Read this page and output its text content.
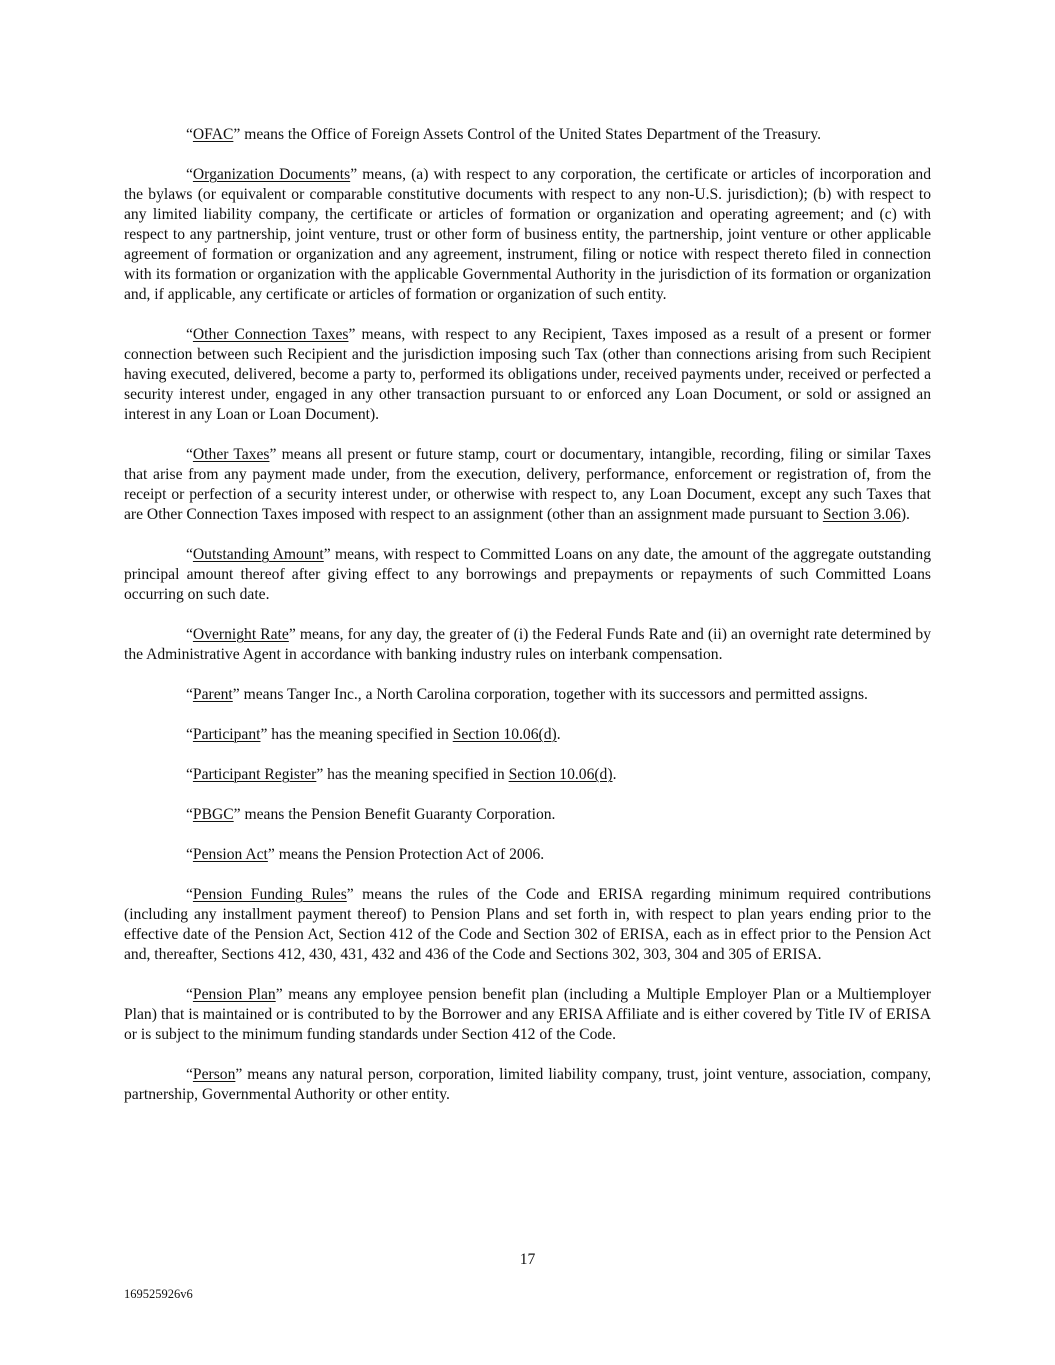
“OFAC” means the Office of Foreign Assets Control of the United States Department of the Treasury.

“Organization Documents” means, (a) with respect to any corporation, the certificate or articles of incorporation and the bylaws (or equivalent or comparable constitutive documents with respect to any non-U.S. jurisdiction); (b) with respect to any limited liability company, the certificate or articles of formation or organization and operating agreement; and (c) with respect to any partnership, joint venture, trust or other form of business entity, the partnership, joint venture or other applicable agreement of formation or organization and any agreement, instrument, filing or notice with respect thereto filed in connection with its formation or organization with the applicable Governmental Authority in the jurisdiction of its formation or organization and, if applicable, any certificate or articles of formation or organization of such entity.

“Other Connection Taxes” means, with respect to any Recipient, Taxes imposed as a result of a present or former connection between such Recipient and the jurisdiction imposing such Tax (other than connections arising from such Recipient having executed, delivered, become a party to, performed its obligations under, received payments under, received or perfected a security interest under, engaged in any other transaction pursuant to or enforced any Loan Document, or sold or assigned an interest in any Loan or Loan Document).

“Other Taxes” means all present or future stamp, court or documentary, intangible, recording, filing or similar Taxes that arise from any payment made under, from the execution, delivery, performance, enforcement or registration of, from the receipt or perfection of a security interest under, or otherwise with respect to, any Loan Document, except any such Taxes that are Other Connection Taxes imposed with respect to an assignment (other than an assignment made pursuant to Section 3.06).

“Outstanding Amount” means, with respect to Committed Loans on any date, the amount of the aggregate outstanding principal amount thereof after giving effect to any borrowings and prepayments or repayments of such Committed Loans occurring on such date.

“Overnight Rate” means, for any day, the greater of (i) the Federal Funds Rate and (ii) an overnight rate determined by the Administrative Agent in accordance with banking industry rules on interbank compensation.

“Parent” means Tanger Inc., a North Carolina corporation, together with its successors and permitted assigns.

“Participant” has the meaning specified in Section 10.06(d).

“Participant Register” has the meaning specified in Section 10.06(d).

“PBGC” means the Pension Benefit Guaranty Corporation.

“Pension Act” means the Pension Protection Act of 2006.

“Pension Funding Rules” means the rules of the Code and ERISA regarding minimum required contributions (including any installment payment thereof) to Pension Plans and set forth in, with respect to plan years ending prior to the effective date of the Pension Act, Section 412 of the Code and Section 302 of ERISA, each as in effect prior to the Pension Act and, thereafter, Sections 412, 430, 431, 432 and 436 of the Code and Sections 302, 303, 304 and 305 of ERISA.

“Pension Plan” means any employee pension benefit plan (including a Multiple Employer Plan or a Multiemployer Plan) that is maintained or is contributed to by the Borrower and any ERISA Affiliate and is either covered by Title IV of ERISA or is subject to the minimum funding standards under Section 412 of the Code.

“Person” means any natural person, corporation, limited liability company, trust, joint venture, association, company, partnership, Governmental Authority or other entity.

17
169525926v6
